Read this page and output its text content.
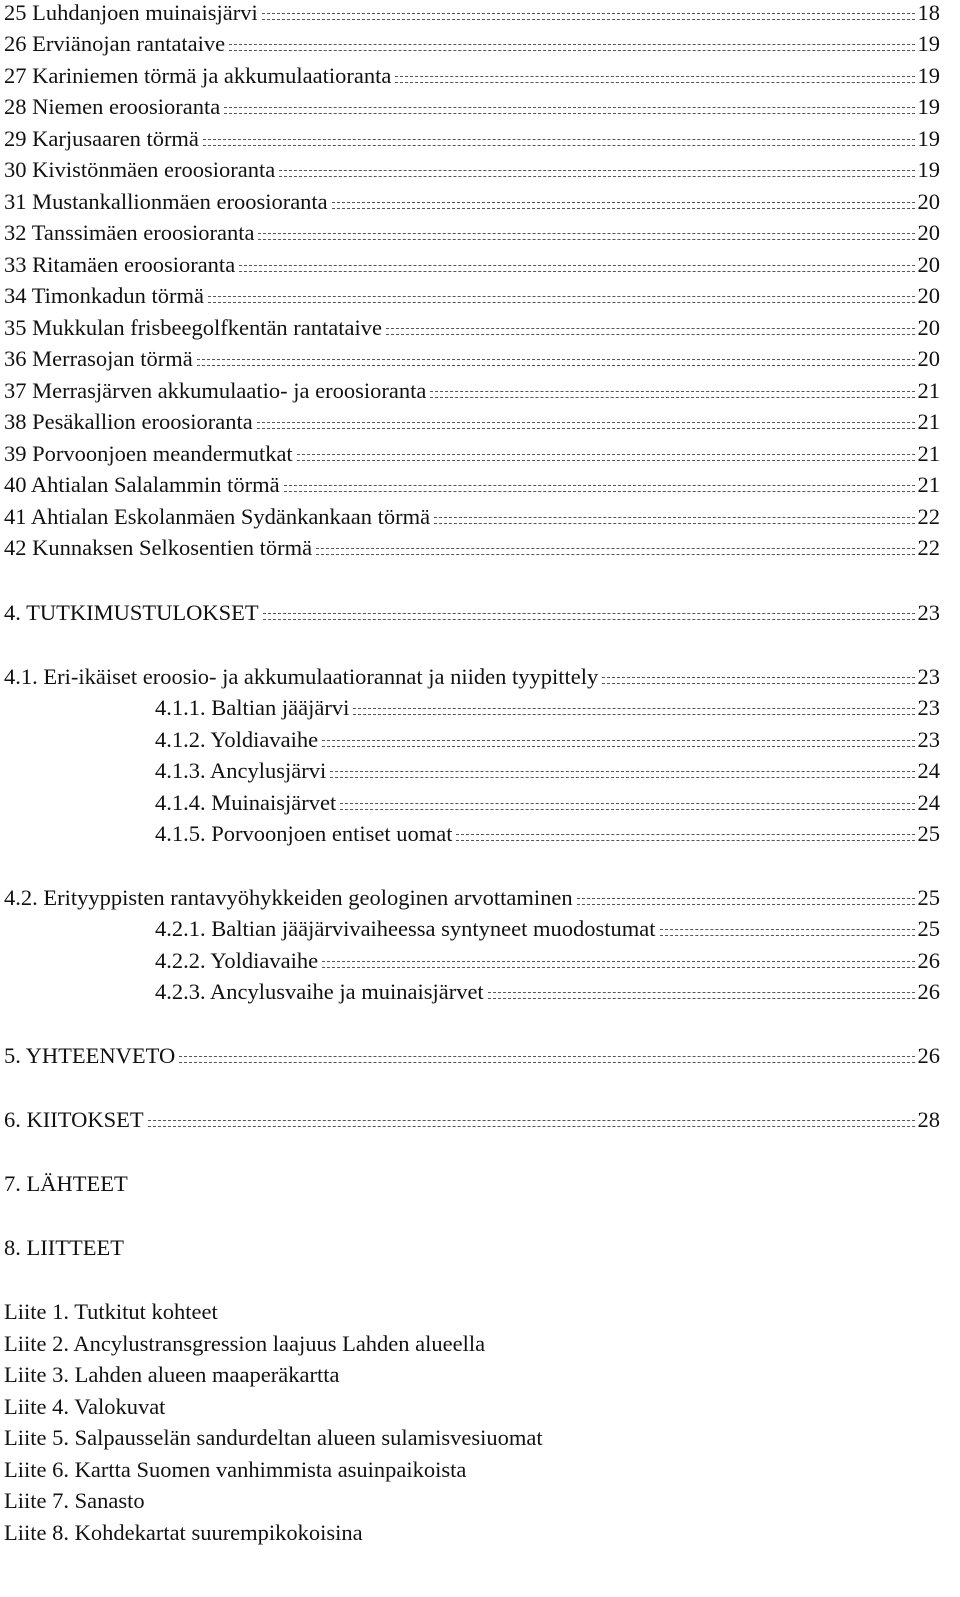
25 Luhdanjoen muinaisjärvi	18
26 Erviänojan rantataive	19
27 Kariniemen törmä ja akkumulaatioranta	19
28 Niemen eroosioranta	19
29 Karjusaaren törmä	19
30 Kivistönmäen eroosioranta	19
31 Mustankallionmäen eroosioranta	20
32 Tanssimäen eroosioranta	20
33 Ritamäen eroosioranta	20
34 Timonkadun törmä	20
35 Mukkulan frisbeegolfkentän rantataive	20
36 Merrasojan törmä	20
37 Merrasjärven akkumulaatio- ja eroosioranta	21
38 Pesäkallion eroosioranta	21
39 Porvoonjoen meandermutkat	21
40 Ahtialan Salalammin törmä	21
41 Ahtialan Eskolanmäen Sydänkankaan törmä	22
42 Kunnaksen Selkosentien törmä	22
4. TUTKIMUSTULOKSET	23
4.1. Eri-ikäiset eroosio- ja akkumulaatiorannat ja niiden tyypittely	23
4.1.1. Baltian jääjärvi	23
4.1.2. Yoldiavaihe	23
4.1.3. Ancylusjärvi	24
4.1.4. Muinaisjärvet	24
4.1.5. Porvoonjoen entiset uomat	25
4.2. Erityyppisten rantavyöhykkeiden geologinen arvottaminen	25
4.2.1. Baltian jääjärvivaiheessa syntyneet muodostumat	25
4.2.2. Yoldiavaihe	26
4.2.3. Ancylusvaihe ja muinaisjärvet	26
5. YHTEENVETO	26
6. KIITOKSET	28
7. LÄHTEET
8. LIITTEET
Liite 1. Tutkitut kohteet
Liite 2. Ancylustransgression laajuus Lahden alueella
Liite 3. Lahden alueen maaperäkartta
Liite 4. Valokuvat
Liite 5. Salpausselän sandurdeltan alueen sulamisvesiuomat
Liite 6. Kartta Suomen vanhimmista asuinpaikoista
Liite 7. Sanasto
Liite 8. Kohdekartat suurempikokoisina
